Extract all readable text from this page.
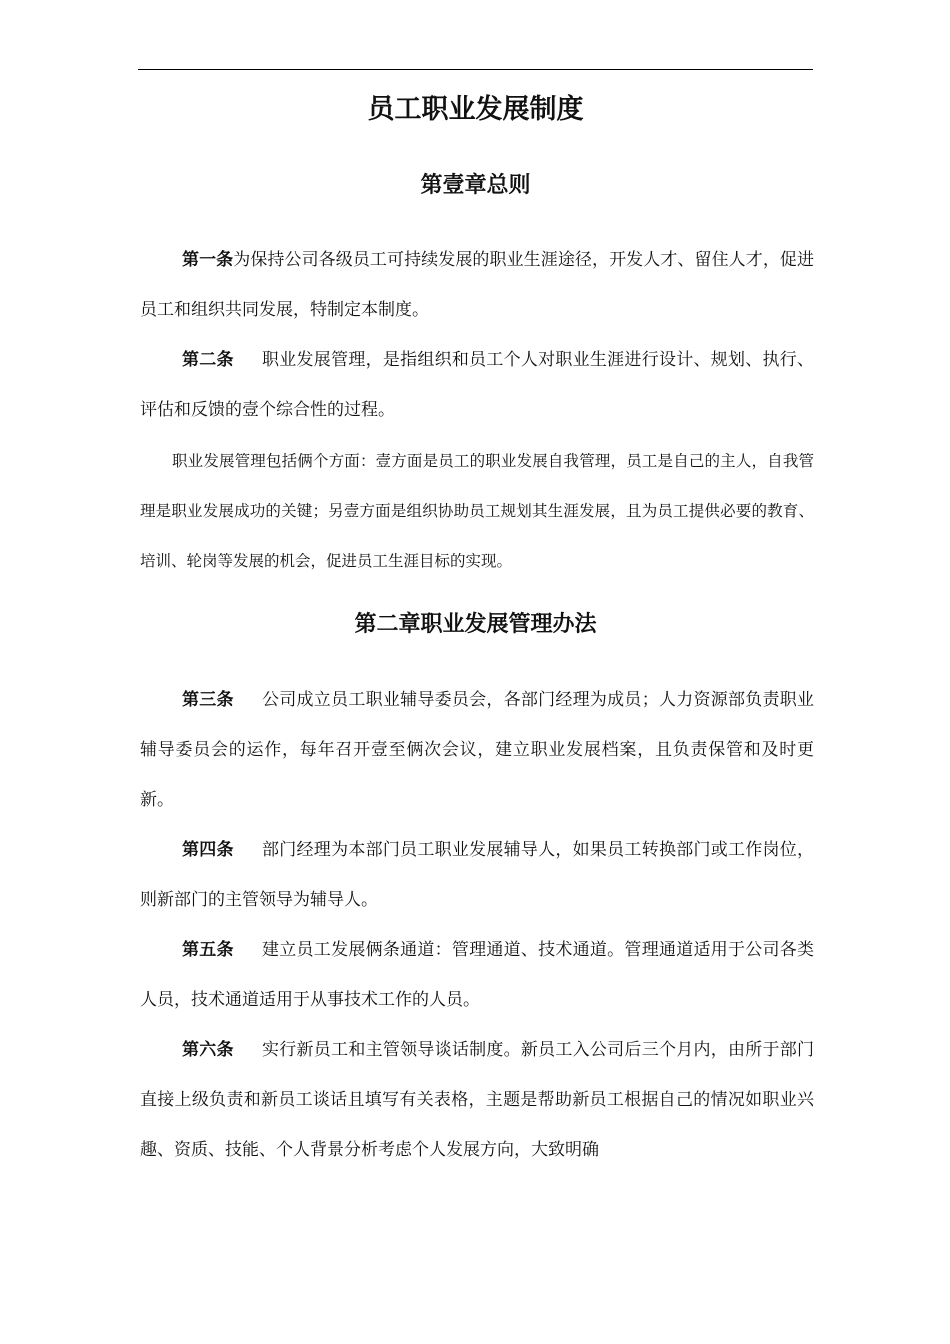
员工职业发展制度
第壹章总则

第一条为保持公司各级员工可持续发展的职业生涯途径，开发人才、留住人才，促进员工和组织共同发展，特制定本制度。

第二条 职业发展管理，是指组织和员工个人对职业生涯进行设计、规划、执行、评估和反馈的壹个综合性的过程。

职业发展管理包括俩个方面：壹方面是员工的职业发展自我管理，员工是自己的主人，自我管理是职业发展成功的关键；另壹方面是组织协助员工规划其生涯发展，且为员工提供必要的教育、培训、轮岗等发展的机会，促进员工生涯目标的实现。

第二章职业发展管理办法

第三条 公司成立员工职业辅导委员会，各部门经理为成员；人力资源部负责职业辅导委员会的运作，每年召开壹至俩次会议，建立职业发展档案，且负责保管和及时更新。

第四条 部门经理为本部门员工职业发展辅导人，如果员工转换部门或工作岗位，则新部门的主管领导为辅导人。

第五条 建立员工发展俩条通道：管理通道、技术通道。管理通道适用于公司各类人员，技术通道适用于从事技术工作的人员。

第六条 实行新员工和主管领导谈话制度。新员工入公司后三个月内，由所于部门直接上级负责和新员工谈话且填写有关表格，主题是帮助新员工根据自己的情况如职业兴趣、资质、技能、个人背景分析考虑个人发展方向，大致明确
